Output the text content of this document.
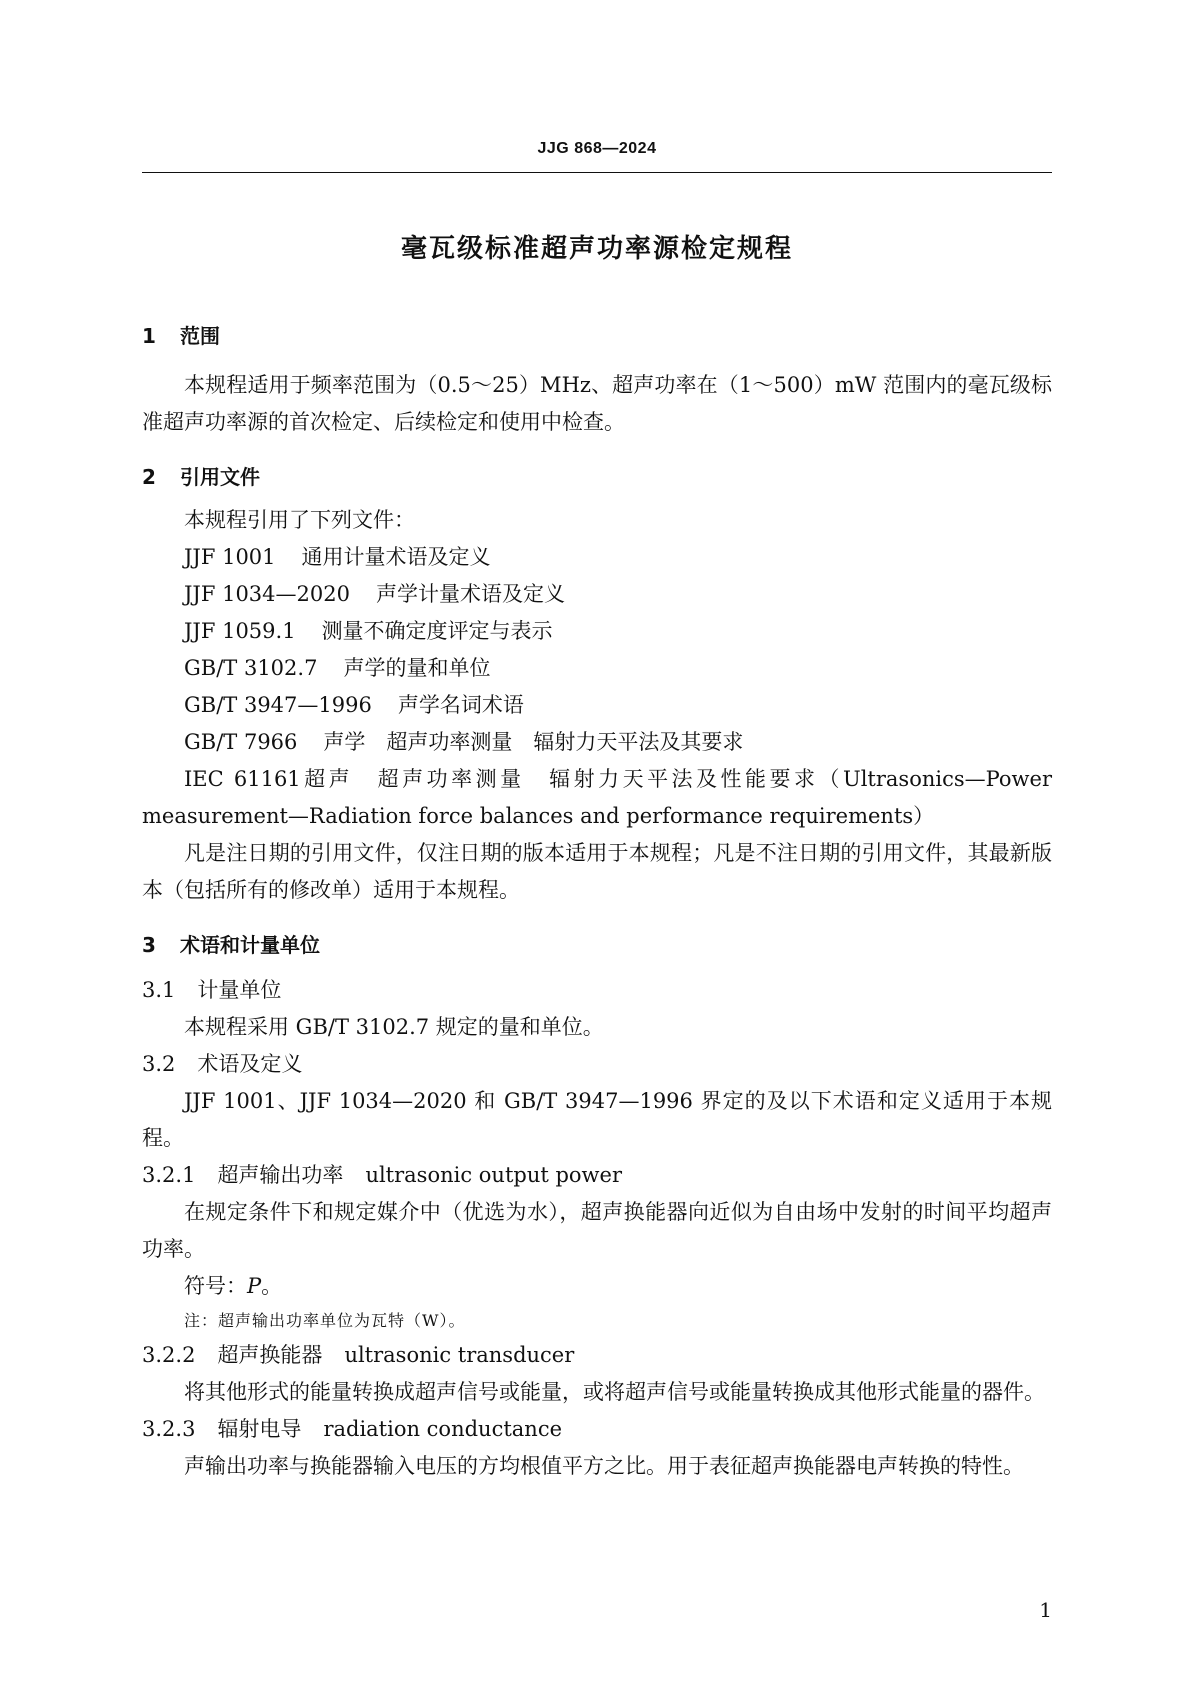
JJG 868—2024
毫瓦级标准超声功率源检定规程

1 范围

本规程适用于频率范围为（0.5～25）MHz、超声功率在（1～500）mW 范围内的毫瓦级标准超声功率源的首次检定、后续检定和使用中检查。

2 引用文件

本规程引用了下列文件：

JJF 1001 通用计量术语及定义

JJF 1034—2020 声学计量术语及定义

JJF 1059.1 测量不确定度评定与表示

GB/T 3102.7 声学的量和单位

GB/T 3947—1996 声学名词术语

GB/T 7966 声学　超声功率测量　辐射力天平法及其要求

IEC 61161超声　超声功率测量　辐射力天平法及性能要求（Ultrasonics—Power measurement—Radiation force balances and performance requirements）

凡是注日期的引用文件，仅注日期的版本适用于本规程；凡是不注日期的引用文件，其最新版本（包括所有的修改单）适用于本规程。

3 术语和计量单位

3.1 计量单位

本规程采用 GB/T 3102.7 规定的量和单位。

3.2 术语及定义

JJF 1001、JJF 1034—2020 和 GB/T 3947—1996 界定的及以下术语和定义适用于本规程。

3.2.1 超声输出功率 ultrasonic output power

在规定条件下和规定媒介中（优选为水），超声换能器向近似为自由场中发射的时间平均超声功率。

符号：P。

注：超声输出功率单位为瓦特（W）。

3.2.2 超声换能器 ultrasonic transducer

将其他形式的能量转换成超声信号或能量，或将超声信号或能量转换成其他形式能量的器件。

3.2.3 辐射电导 radiation conductance

声输出功率与换能器输入电压的方均根值平方之比。用于表征超声换能器电声转换的特性。

1
